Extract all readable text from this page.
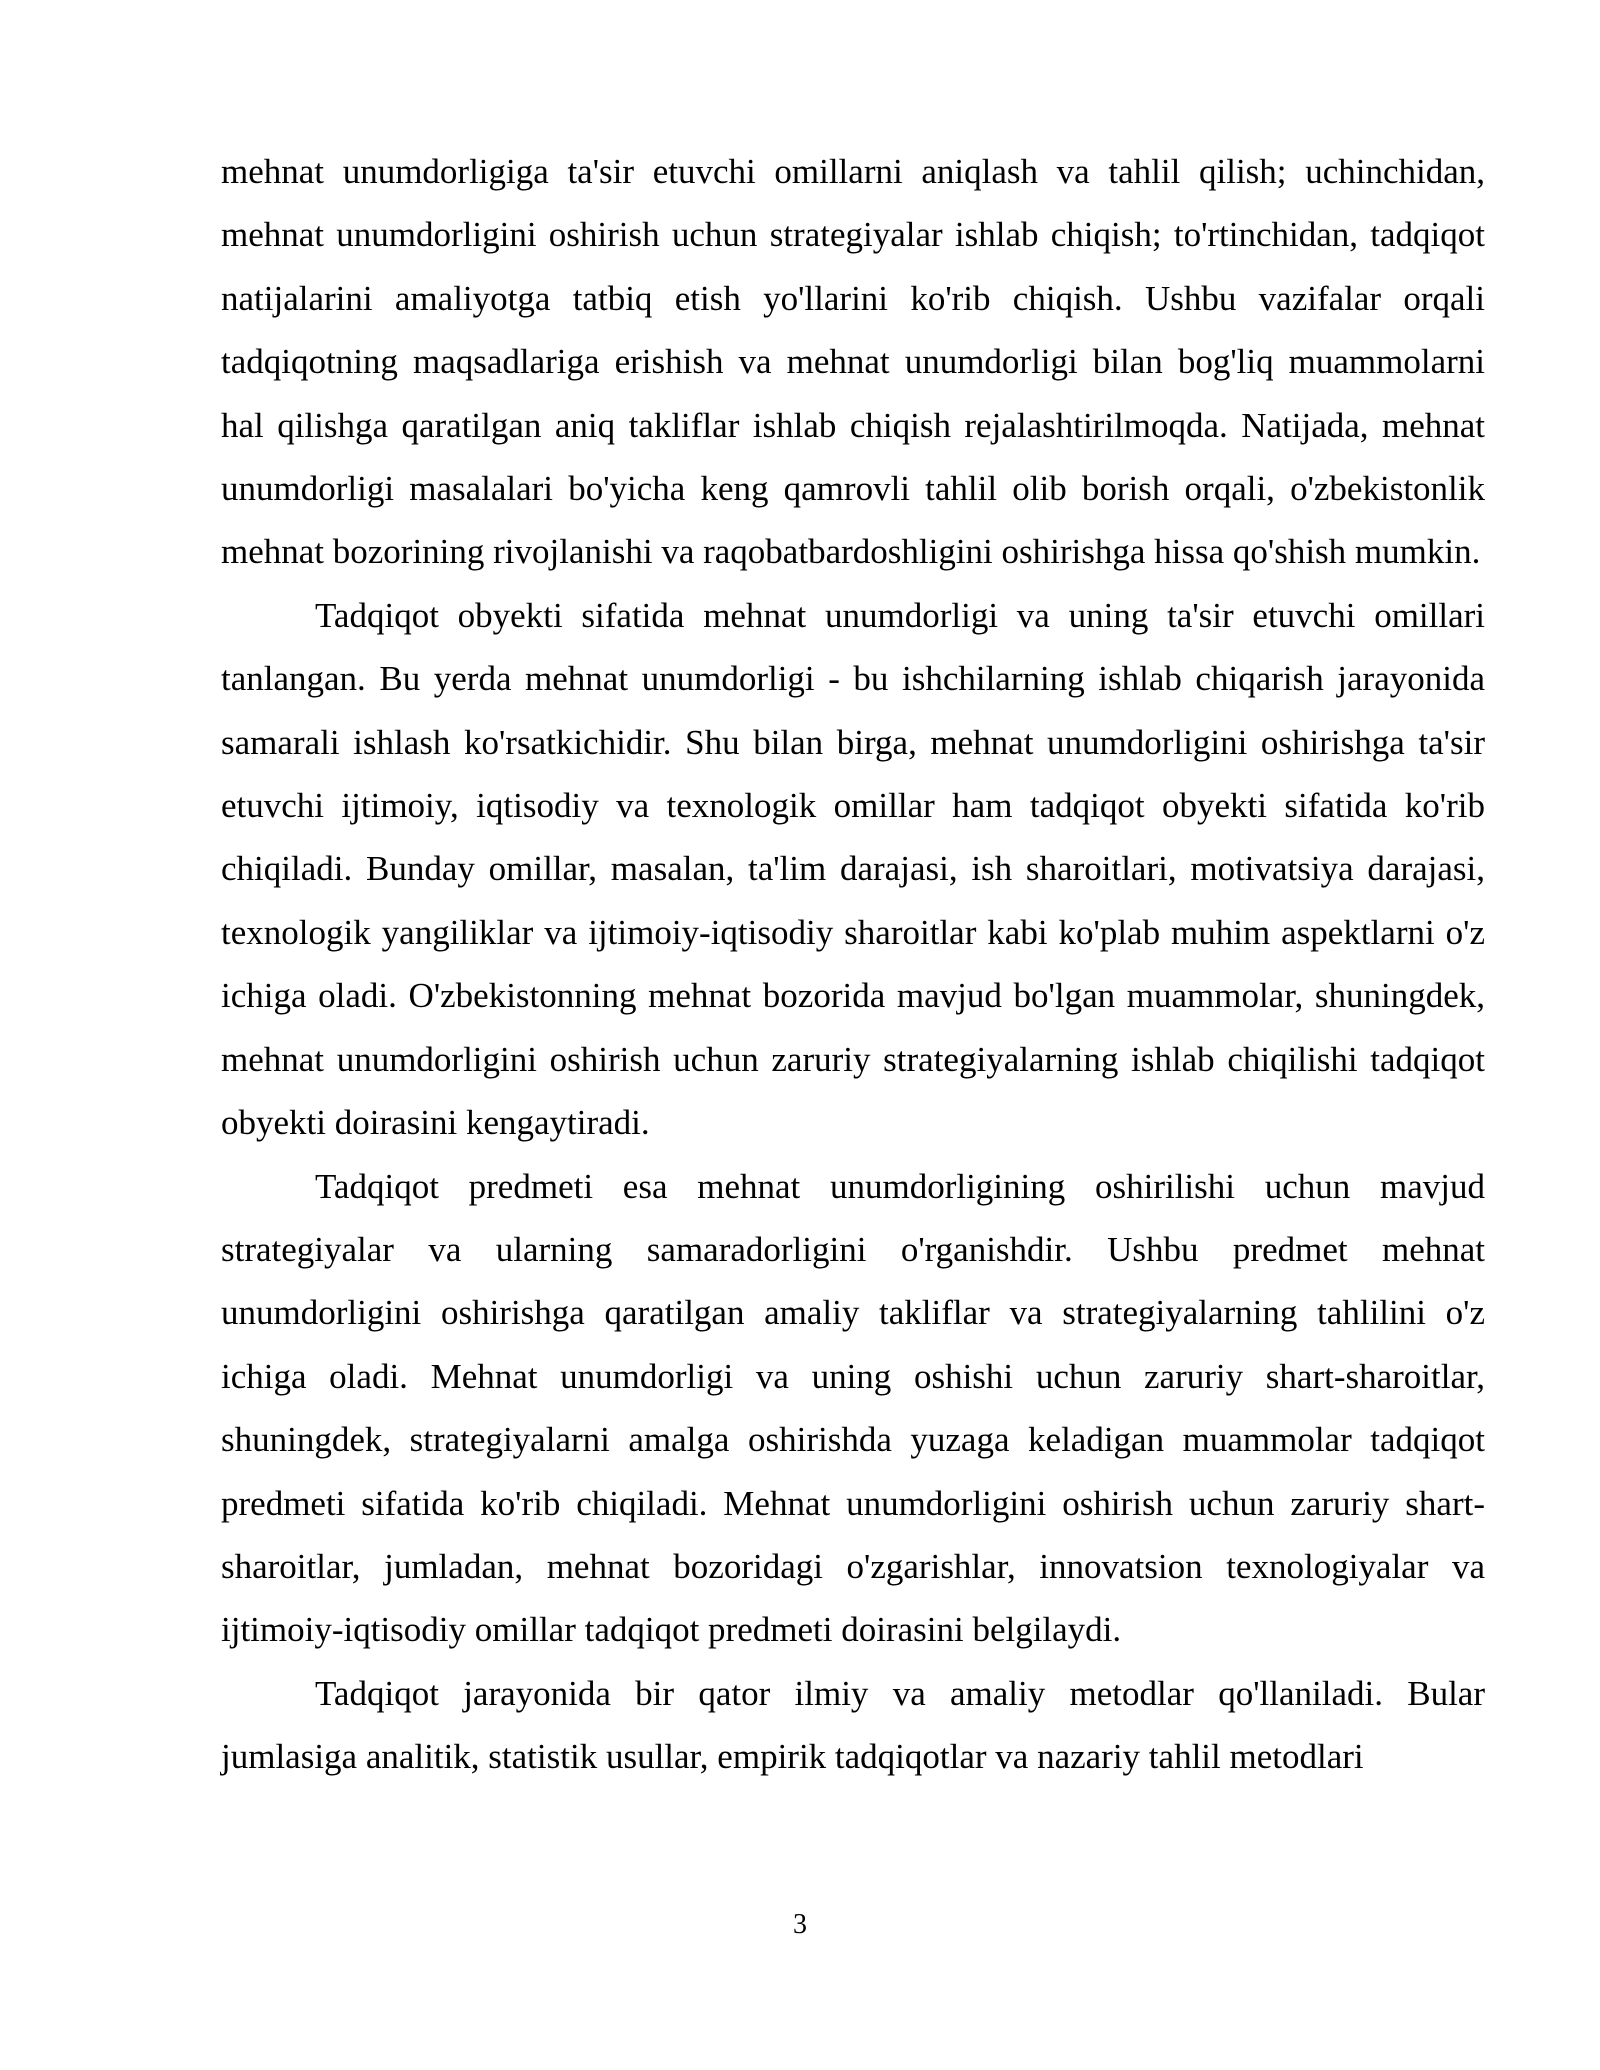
mehnat unumdorligiga ta'sir etuvchi omillarni aniqlash va tahlil qilish; uchinchidan, mehnat unumdorligini oshirish uchun strategiyalar ishlab chiqish; to'rtinchidan, tadqiqot natijalarini amaliyotga tatbiq etish yo'llarini ko'rib chiqish. Ushbu vazifalar orqali tadqiqotning maqsadlariga erishish va mehnat unumdorligi bilan bog'liq muammolarni hal qilishga qaratilgan aniq takliflar ishlab chiqish rejalashtirilmoqda. Natijada, mehnat unumdorligi masalalari bo'yicha keng qamrovli tahlil olib borish orqali, o'zbekistonlik mehnat bozorining rivojlanishi va raqobatbardoshligini oshirishga hissa qo'shish mumkin.

Tadqiqot obyekti sifatida mehnat unumdorligi va uning ta'sir etuvchi omillari tanlangan. Bu yerda mehnat unumdorligi - bu ishchilarning ishlab chiqarish jarayonida samarali ishlash ko'rsatkichidir. Shu bilan birga, mehnat unumdorligini oshirishga ta'sir etuvchi ijtimoiy, iqtisodiy va texnologik omillar ham tadqiqot obyekti sifatida ko'rib chiqiladi. Bunday omillar, masalan, ta'lim darajasi, ish sharoitlari, motivatsiya darajasi, texnologik yangiliklar va ijtimoiy-iqtisodiy sharoitlar kabi ko'plab muhim aspektlarni o'z ichiga oladi. O'zbekistonning mehnat bozorida mavjud bo'lgan muammolar, shuningdek, mehnat unumdorligini oshirish uchun zaruriy strategiyalarning ishlab chiqilishi tadqiqot obyekti doirasini kengaytiradi.

Tadqiqot predmeti esa mehnat unumdorligining oshirilishi uchun mavjud strategiyalar va ularning samaradorligini o'rganishdir. Ushbu predmet mehnat unumdorligini oshirishga qaratilgan amaliy takliflar va strategiyalarning tahlilini o'z ichiga oladi. Mehnat unumdorligi va uning oshishi uchun zaruriy shart-sharoitlar, shuningdek, strategiyalarni amalga oshirishda yuzaga keladigan muammolar tadqiqot predmeti sifatida ko'rib chiqiladi. Mehnat unumdorligini oshirish uchun zaruriy shart-sharoitlar, jumladan, mehnat bozoridagi o'zgarishlar, innovatsion texnologiyalar va ijtimoiy-iqtisodiy omillar tadqiqot predmeti doirasini belgilaydi.

Tadqiqot jarayonida bir qator ilmiy va amaliy metodlar qo'llaniladi. Bular jumlasiga analitik, statistik usullar, empirik tadqiqotlar va nazariy tahlil metodlari

3
